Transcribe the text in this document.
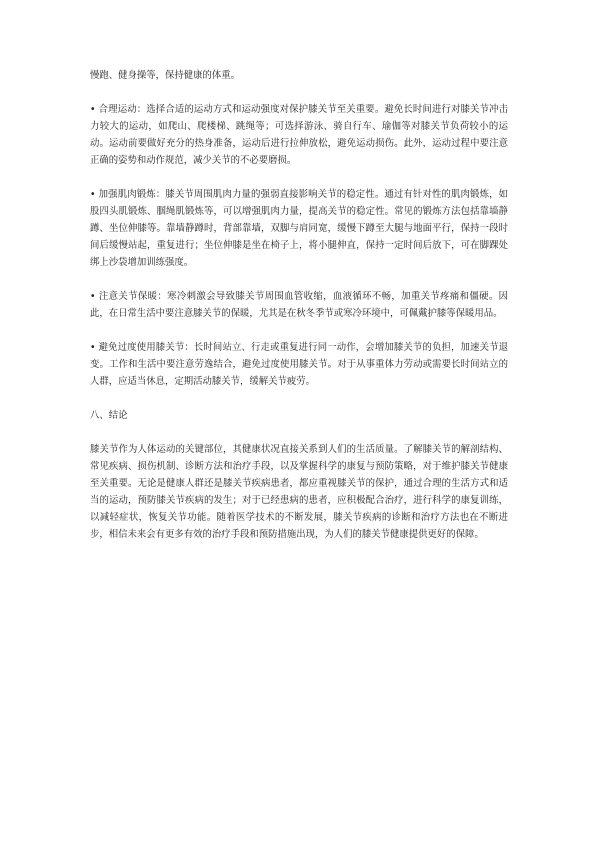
慢跑、健身操等，保持健康的体重。

• 合理运动：选择合适的运动方式和运动强度对保护膝关节至关重要。避免长时间进行对膝关节冲击力较大的运动，如爬山、爬楼梯、跳绳等；可选择游泳、骑自行车、瑜伽等对膝关节负荷较小的运动。运动前要做好充分的热身准备，运动后进行拉伸放松，避免运动损伤。此外，运动过程中要注意正确的姿势和动作规范，减少关节的不必要磨损。

• 加强肌肉锻炼：膝关节周围肌肉力量的强弱直接影响关节的稳定性。通过有针对性的肌肉锻炼，如股四头肌锻炼、腘绳肌锻炼等，可以增强肌肉力量，提高关节的稳定性。常见的锻炼方法包括靠墙静蹲、坐位伸膝等。靠墙静蹲时，背部靠墙，双脚与肩同宽，缓慢下蹲至大腿与地面平行，保持一段时间后缓慢站起，重复进行；坐位伸膝是坐在椅子上，将小腿伸直，保持一定时间后放下，可在脚踝处绑上沙袋增加训练强度。

• 注意关节保暖：寒冷刺激会导致膝关节周围血管收缩，血液循环不畅，加重关节疼痛和僵硬。因此，在日常生活中要注意膝关节的保暖，尤其是在秋冬季节或寒冷环境中，可佩戴护膝等保暖用品。

• 避免过度使用膝关节：长时间站立、行走或重复进行同一动作，会增加膝关节的负担，加速关节退变。工作和生活中要注意劳逸结合，避免过度使用膝关节。对于从事重体力劳动或需要长时间站立的人群，应适当休息，定期活动膝关节，缓解关节疲劳。

八、结论

膝关节作为人体运动的关键部位，其健康状况直接关系到人们的生活质量。了解膝关节的解剖结构、常见疾病、损伤机制、诊断方法和治疗手段，以及掌握科学的康复与预防策略，对于维护膝关节健康至关重要。无论是健康人群还是膝关节疾病患者，都应重视膝关节的保护，通过合理的生活方式和适当的运动，预防膝关节疾病的发生；对于已经患病的患者，应积极配合治疗，进行科学的康复训练，以减轻症状，恢复关节功能。随着医学技术的不断发展，膝关节疾病的诊断和治疗方法也在不断进步，相信未来会有更多有效的治疗手段和预防措施出现，为人们的膝关节健康提供更好的保障。
